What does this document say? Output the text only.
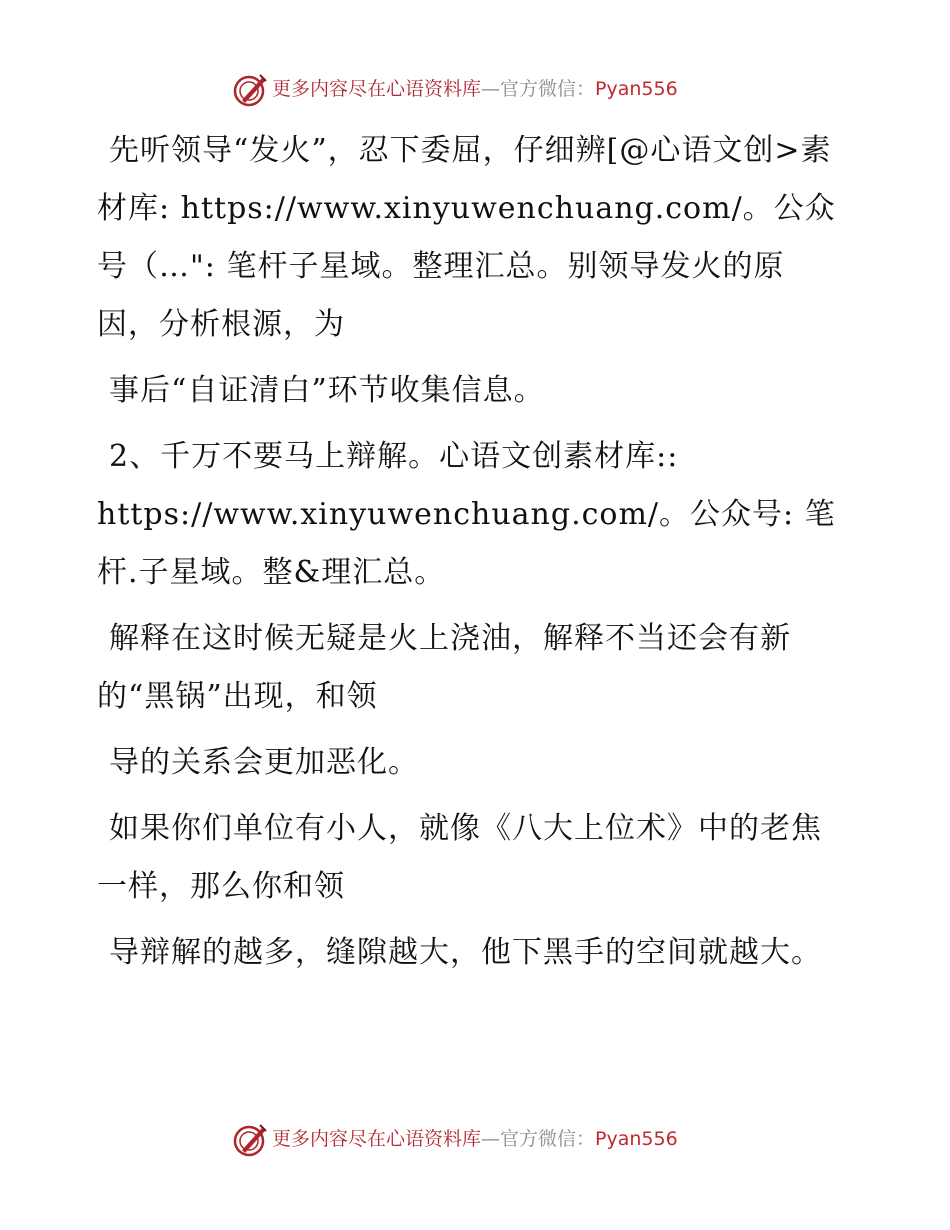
更多内容尽在心语资料库—官方微信：Pyan556

先听领导“发火”，忍下委屈，仔细辨[@心语文创>素材库: https://www.xinyuwenchuang.com/。公众号（…": 笔杆子星域。整理汇总。别领导发火的原因，分析根源，为

事后“自证清白”环节收集信息。

2、千万不要马上辩解。心语文创素材库:: https://www.xinyuwenchuang.com/。公众号: 笔杆.子星域。整&理汇总。

解释在这时候无疑是火上浇油，解释不当还会有新的“黑锅”出现，和领

导的关系会更加恶化。

如果你们单位有小人，就像《八大上位术》中的老焦一样，那么你和领

导辩解的越多，缝隙越大，他下黑手的空间就越大。

更多内容尽在心语资料库—官方微信：Pyan556
